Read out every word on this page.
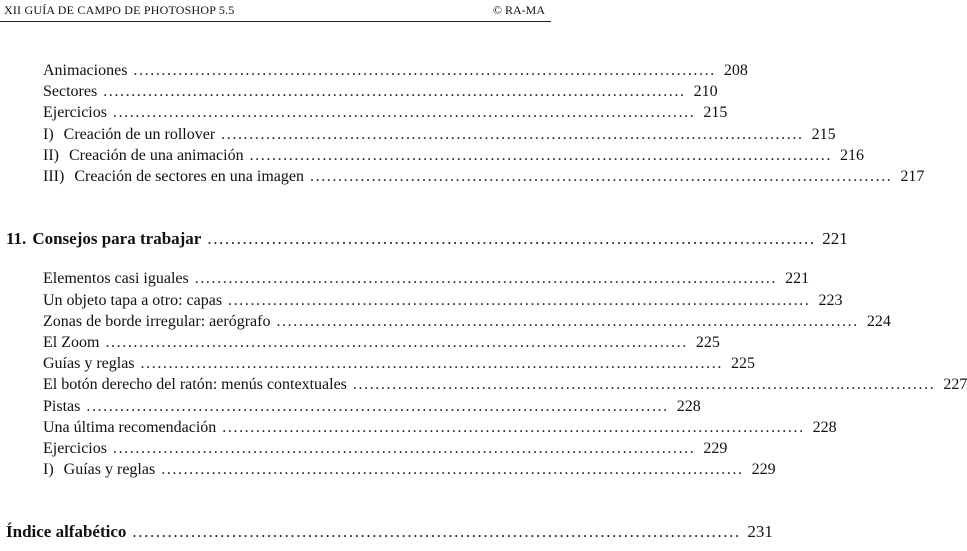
XII GUÍA DE CAMPO DE PHOTOSHOP 5.5	© RA-MA
Animaciones ........................................................................................................ 208
Sectores ........................................................................................................ 210
Ejercicios ........................................................................................................ 215
I) Creación de un rollover ........................................................................................................ 215
II) Creación de una animación ........................................................................................................ 216
III) Creación de sectores en una imagen ........................................................................................................ 217
11. Consejos para trabajar ........................................................................................................ 221
Elementos casi iguales ........................................................................................................ 221
Un objeto tapa a otro: capas ........................................................................................................ 223
Zonas de borde irregular: aerógrafo ........................................................................................................ 224
El Zoom ........................................................................................................ 225
Guías y reglas ........................................................................................................ 225
El botón derecho del ratón: menús contextuales ........................................................................................................ 227
Pistas ........................................................................................................ 228
Una última recomendación ........................................................................................................ 228
Ejercicios ........................................................................................................ 229
I) Guías y reglas ........................................................................................................ 229
Índice alfabético ........................................................................................................ 231
